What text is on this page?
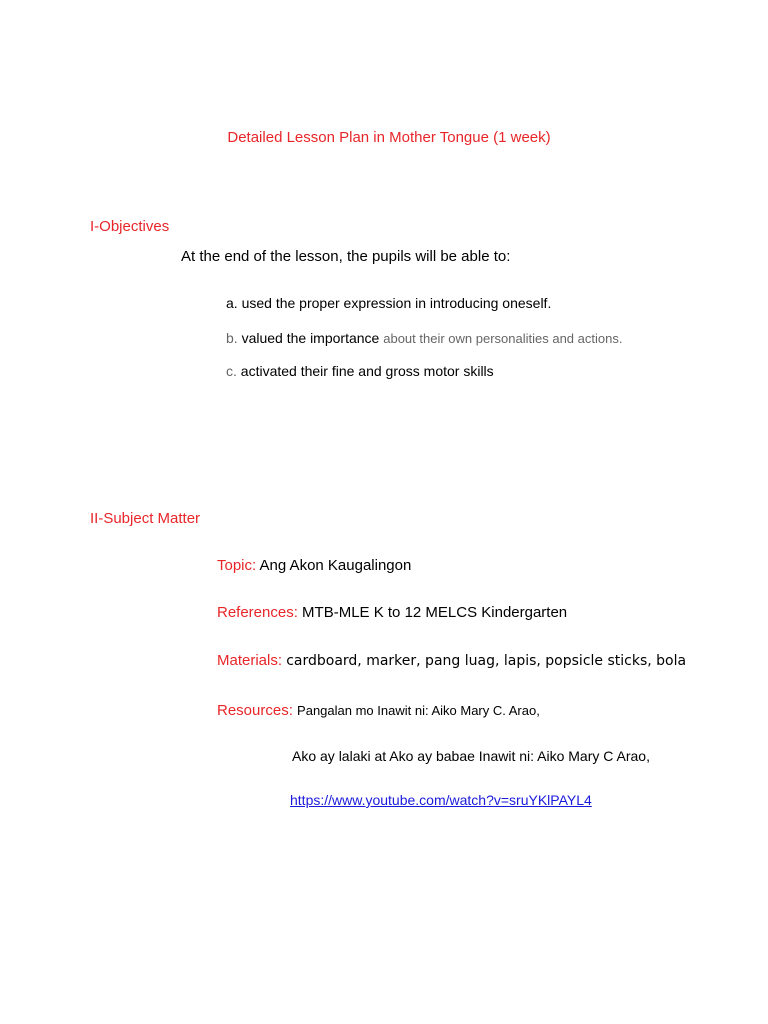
Detailed Lesson Plan in Mother Tongue (1 week)
I-Objectives
At the end of the lesson, the pupils will be able to:
a. used the proper expression in introducing oneself.
b. valued the importance about their own personalities and actions.
c. activated their fine and gross motor skills
II-Subject Matter
Topic: Ang Akon Kaugalingon
References: MTB-MLE K to 12 MELCS Kindergarten
Materials: cardboard, marker, pang luag, lapis, popsicle sticks, bola
Resources: Pangalan mo Inawit ni: Aiko Mary C. Arao,
Ako ay lalaki at Ako ay babae Inawit ni: Aiko Mary C Arao,
https://www.youtube.com/watch?v=sruYKlPAYL4
